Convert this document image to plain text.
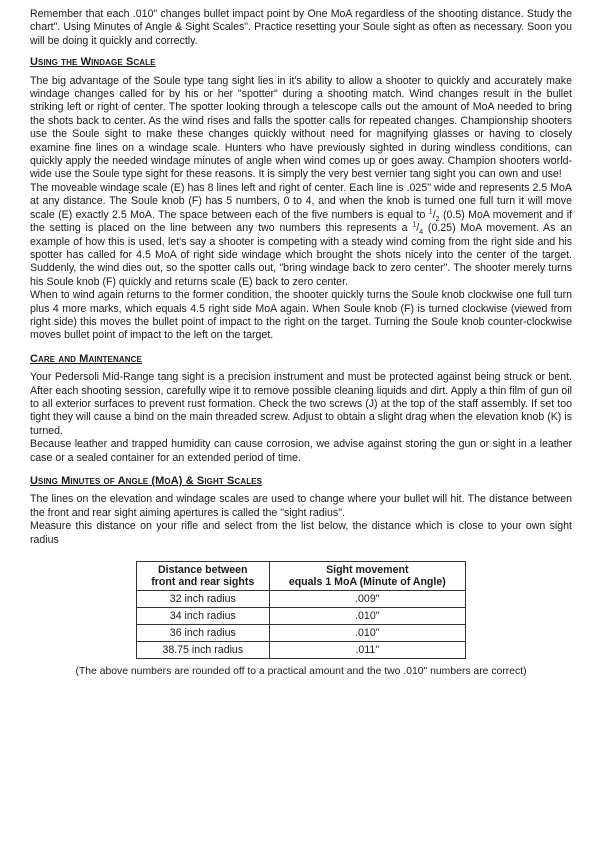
Remember that each .010" changes bullet impact point by One MoA regardless of the shooting distance. Study the chart". Using Minutes of Angle & Sight Scales". Practice resetting your Soule sight as often as necessary. Soon you will be doing it quickly and correctly.

Using the Windage Scale

The big advantage of the Soule type tang sight lies in it's ability to allow a shooter to quickly and accurately make windage changes called for by his or her "spotter" during a shooting match. Wind changes result in the bullet striking left or right of center. The spotter looking through a telescope calls out the amount of MoA needed to bring the shots back to center. As the wind rises and falls the spotter calls for repeated changes. Championship shooters use the Soule sight to make these changes quickly without need for magnifying glasses or having to closely examine fine lines on a windage scale. Hunters who have previously sighted in during windless conditions, can quickly apply the needed windage minutes of angle when wind comes up or goes away. Champion shooters world-wide use the Soule type sight for these reasons. It is simply the very best vernier tang sight you can own and use!

The moveable windage scale (E) has 8 lines left and right of center. Each line is .025" wide and represents 2.5 MoA at any distance. The Soule knob (F) has 5 numbers, 0 to 4, and when the knob is turned one full turn it will move scale (E) exactly 2.5 MoA. The space between each of the five numbers is equal to $^1/_2$ (0.5) MoA movement and if the setting is placed on the line between any two numbers this represents a $^1/_4$ (0.25) MoA movement. As an example of how this is used, let's say a shooter is competing with a steady wind coming from the right side and his spotter has called for 4.5 MoA of right side windage which brought the shots nicely into the center of the target. Suddenly, the wind dies out, so the spotter calls out, "bring windage back to zero center". The shooter merely turns his Soule knob (F) quickly and returns scale (E) back to zero center.

When to wind again returns to the former condition, the shooter quickly turns the Soule knob clockwise one full turn plus 4 more marks, which equals 4.5 right side MoA again. When Soule knob (F) is turned clockwise (viewed from right side) this moves the bullet point of impact to the right on the target. Turning the Soule knob counter-clockwise moves bullet point of impact to the left on the target.

Care and Maintenance

Your Pedersoli Mid-Range tang sight is a precision instrument and must be protected against being struck or bent. After each shooting session, carefully wipe it to remove possible cleaning liquids and dirt. Apply a thin film of gun oil to all exterior surfaces to prevent rust formation. Check the two screws (J) at the top of the staff assembly. If set too tight they will cause a bind on the main threaded screw. Adjust to obtain a slight drag when the elevation knob (K) is turned.

Because leather and trapped humidity can cause corrosion, we advise against storing the gun or sight in a leather case or a sealed container for an extended period of time.

Using Minutes of Angle (MoA) & Sight Scales

The lines on the elevation and windage scales are used to change where your bullet will hit. The distance between the front and rear sight aiming apertures is called the "sight radius".

Measure this distance on your rifle and select from the list below, the distance which is close to your own sight radius

Distance between
front and rear sights	Sight movement
equals 1 MoA (Minute of Angle)
32 inch radius	.009"
34 inch radius	.010"
36 inch radius	.010"
38.75 inch radius	.011"

(The above numbers are rounded off to a practical amount and the two .010" numbers are correct)
